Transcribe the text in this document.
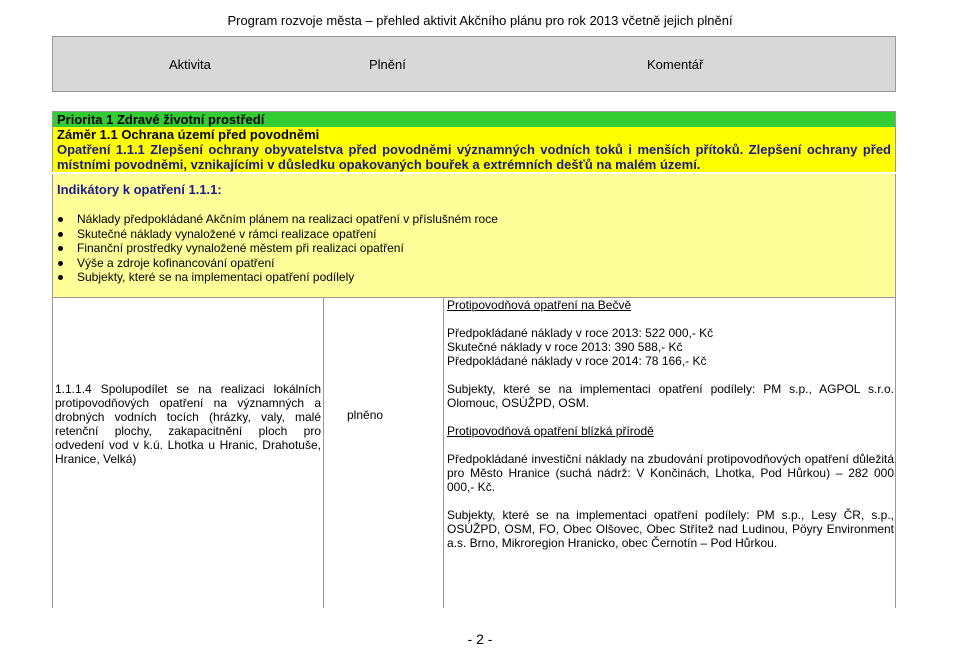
Program rozvoje města – přehled aktivit Akčního plánu pro rok 2013 včetně jejich plnění
Aktivita	Plnění	Komentář
Priorita 1 Zdravé životní prostředí
Záměr 1.1 Ochrana území před povodněmi
Opatření 1.1.1 Zlepšení ochrany obyvatelstva před povodněmi významných vodních toků i menších přítoků. Zlepšení ochrany před místními povodněmi, vznikajícími v důsledku opakovaných bouřek a extrémních dešťů na malém území.
Indikátory k opatření 1.1.1:
Náklady předpokládané Akčním plánem na realizaci opatření v příslušném roce
Skutečné náklady vynaložené v rámci realizace opatření
Finanční prostředky vynaložené městem při realizaci opatření
Výše a zdroje kofinancování opatření
Subjekty, které se na implementaci opatření podílely
1.1.1.4 Spolupodílet se na realizaci lokálních protipovodňových opatření na významných a drobných vodních tocích (hrázky, valy, malé retenční plochy, zakapacitnění ploch pro odvedení vod v k.ú. Lhotka u Hranic, Drahotuše, Hranice, Velká)
plněno
Protipovodňová opatření na Bečvě
Předpokládané náklady v roce 2013: 522 000,- Kč
Skutečné náklady v roce 2013: 390 588,- Kč
Předpokládané náklady v roce 2014: 78 166,- Kč
Subjekty, které se na implementaci opatření podílely: PM s.p., AGPOL s.r.o. Olomouc, OSÚŽPD, OSM.
Protipovodňová opatření blízká přírodě
Předpokládané investiční náklady na zbudování protipovodňových opatření důležitá pro Město Hranice (suchá nádrž: V Končinách, Lhotka, Pod Hůrkou) – 282 000 000,- Kč.
Subjekty, které se na implementaci opatření podílely: PM s.p., Lesy ČR, s.p., OSÚŽPD, OSM, FO, Obec Olšovec, Obec Střítež nad Ludinou, Pöyry Environment a.s. Brno, Mikroregion Hranicko, obec Černotín – Pod Hůrkou.
- 2 -
